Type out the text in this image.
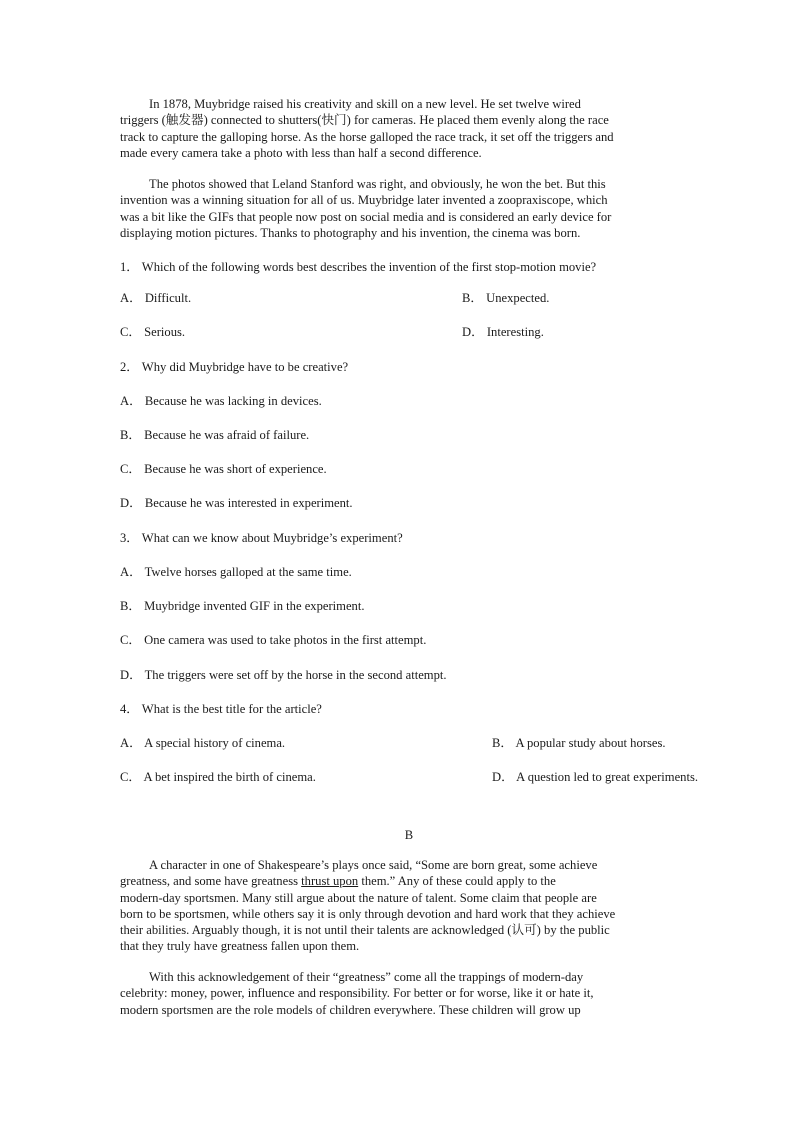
In 1878, Muybridge raised his creativity and skill on a new level. He set twelve wired
triggers (触发器) connected to shutters(快门) for cameras. He placed them evenly along the race
track to capture the galloping horse. As the horse galloped the race track, it set off the triggers and
made every camera take a photo with less than half a second difference.
The photos showed that Leland Stanford was right, and obviously, he won the bet. But this
invention was a winning situation for all of us. Muybridge later invented a zoopraxiscope, which
was a bit like the GIFs that people now post on social media and is considered an early device for
displaying motion pictures. Thanks to photography and his invention, the cinema was born.
1． Which of the following words best describes the invention of the first stop-motion movie?
A． Difficult.	B． Unexpected.
C． Serious.	D． Interesting.
2． Why did Muybridge have to be creative?
A． Because he was lacking in devices.
B． Because he was afraid of failure.
C． Because he was short of experience.
D． Because he was interested in experiment.
3． What can we know about Muybridge’s experiment?
A． Twelve horses galloped at the same time.
B． Muybridge invented GIF in the experiment.
C． One camera was used to take photos in the first attempt.
D． The triggers were set off by the horse in the second attempt.
4． What is the best title for the article?
A． A special history of cinema.	B． A popular study about horses.
C． A bet inspired the birth of cinema.	D． A question led to great experiments.
B
A character in one of Shakespeare’s plays once said, “Some are born great, some achieve
greatness, and some have greatness thrust upon them.” Any of these could apply to the
modern-day sportsmen. Many still argue about the nature of talent. Some claim that people are
born to be sportsmen, while others say it is only through devotion and hard work that they achieve
their abilities. Arguably though, it is not until their talents are acknowledged (认可) by the public
that they truly have greatness fallen upon them.
With this acknowledgement of their “greatness” come all the trappings of modern-day
celebrity: money, power, influence and responsibility. For better or for worse, like it or hate it,
modern sportsmen are the role models of children everywhere. These children will grow up
